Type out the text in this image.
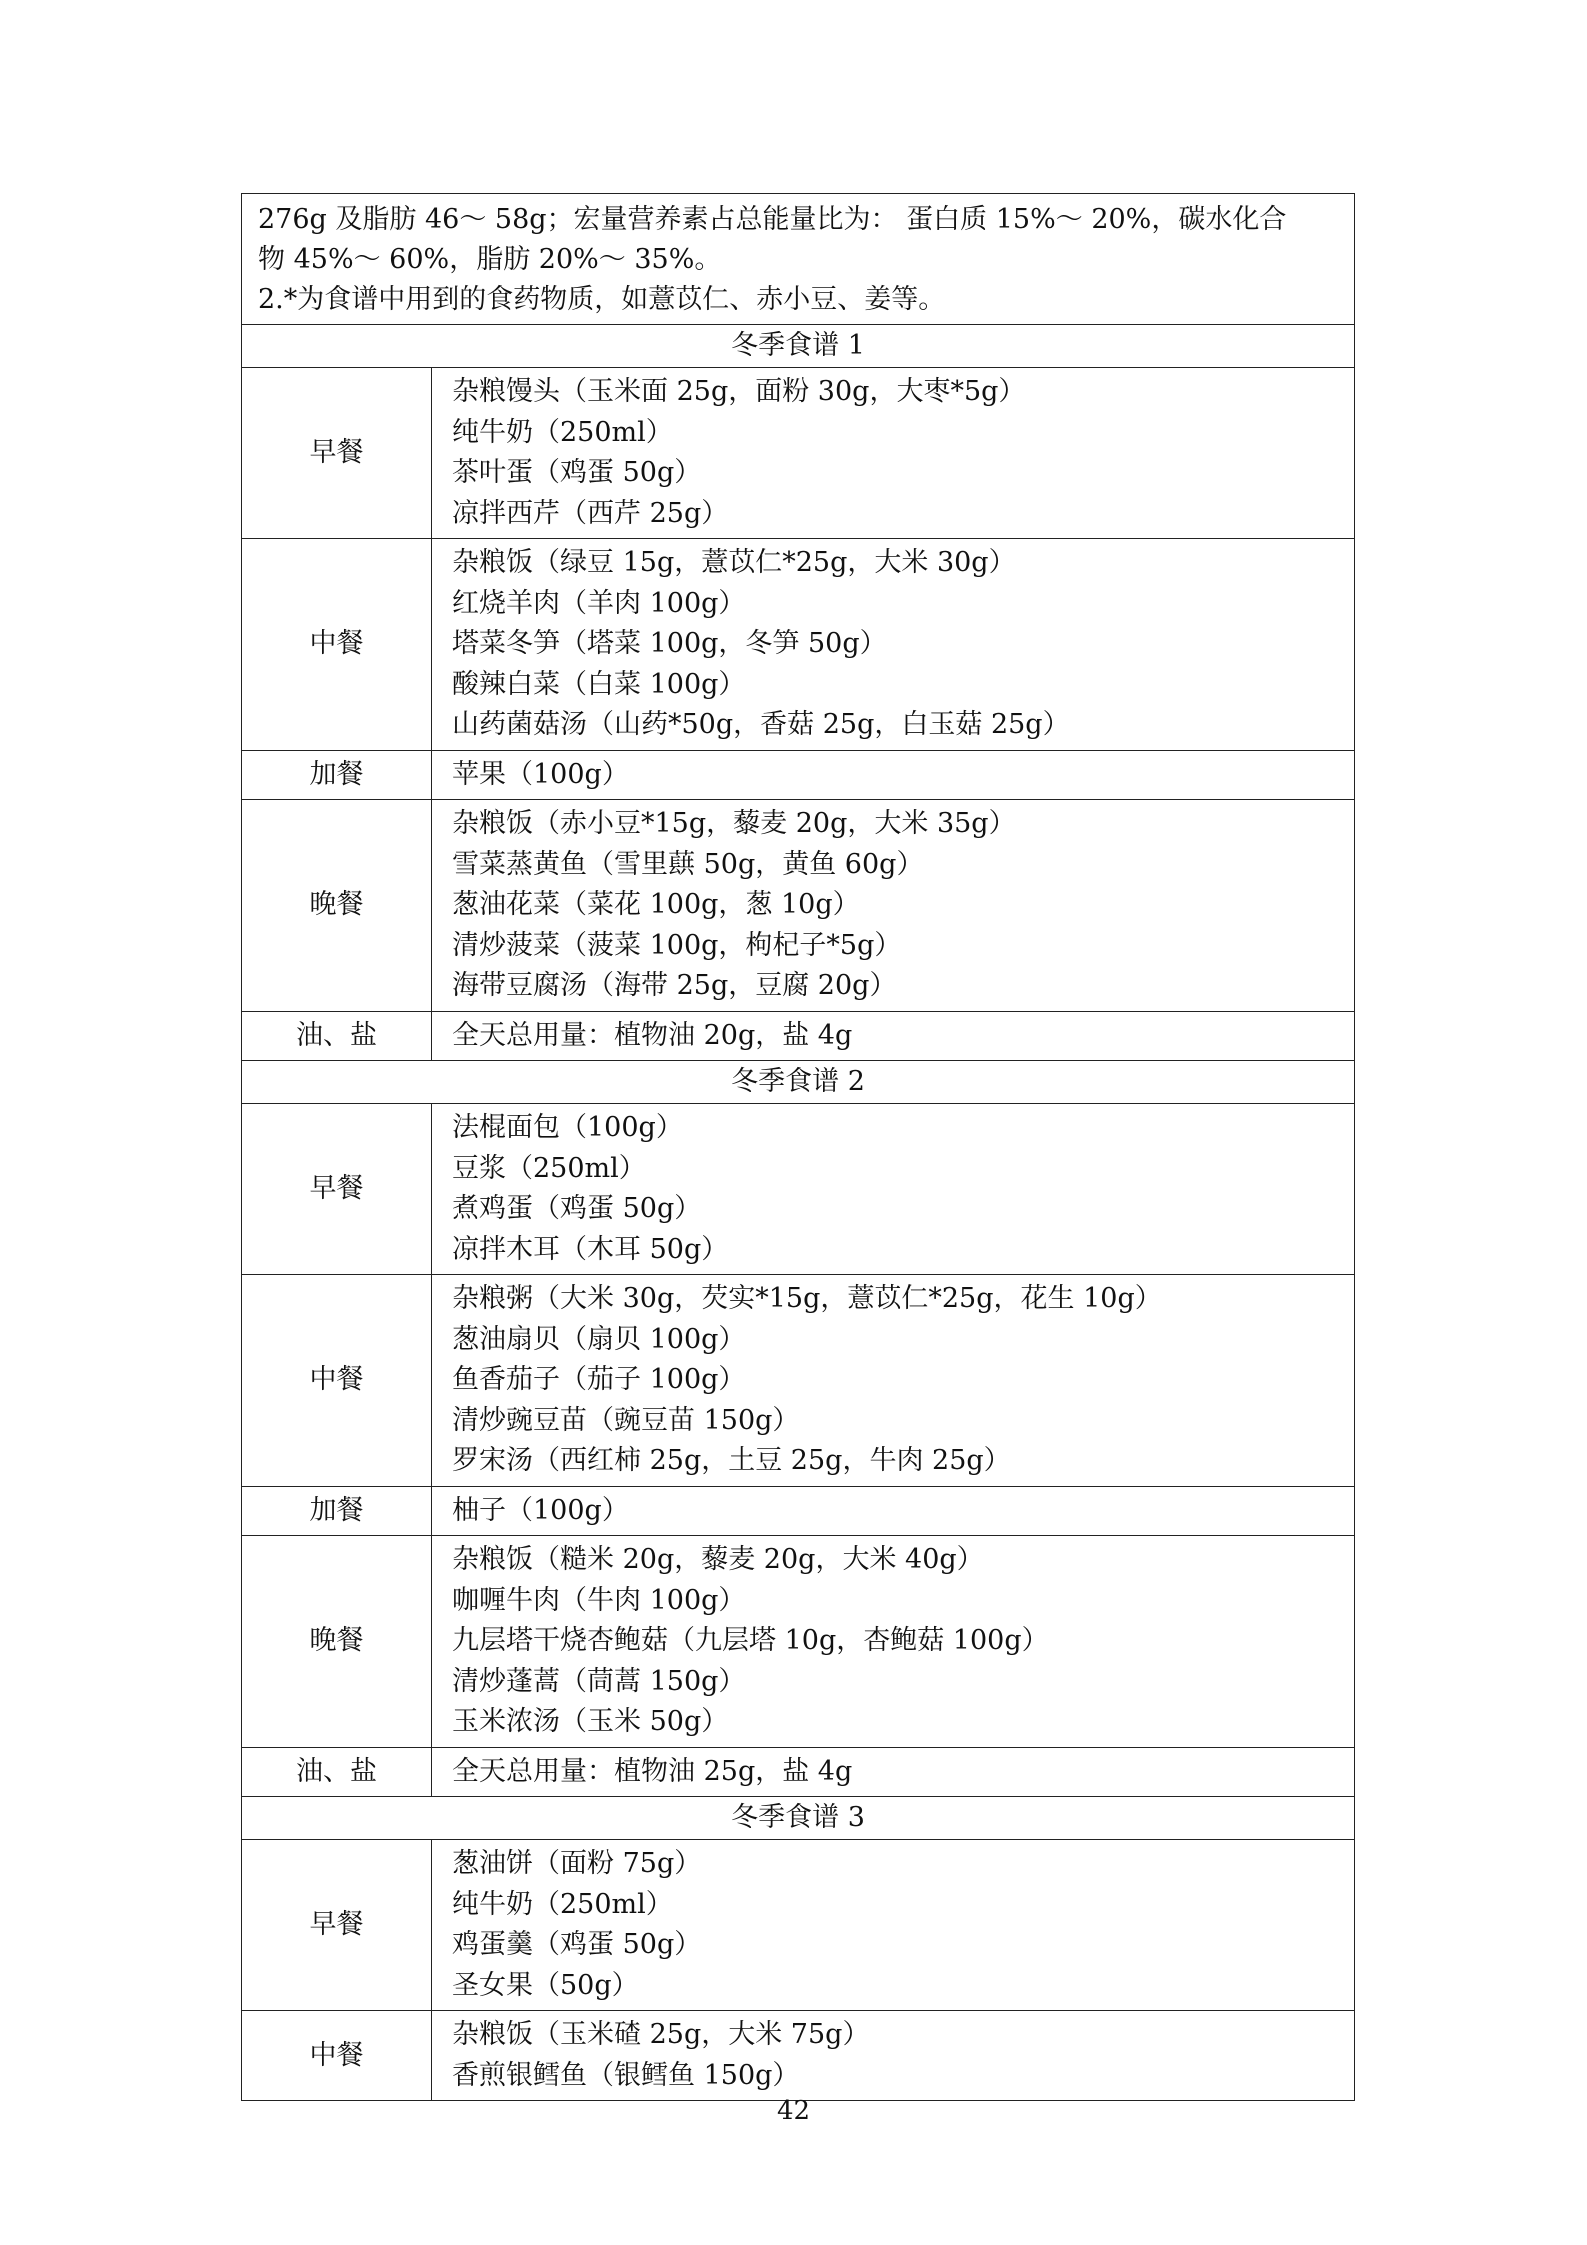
276g 及脂肪 46～ 58g；宏量营养素占总能量比为： 蛋白质 15%～ 20%，碳水化合
物 45%～ 60%，脂肪 20%～ 35%。
2.*为食谱中用到的食药物质，如薏苡仁、赤小豆、姜等。	

冬季食谱 1	
早餐	杂粮馒头（玉米面 25g，面粉 30g，大枣*5g）
纯牛奶（250ml）
茶叶蛋（鸡蛋 50g）
凉拌西芹（西芹 25g）

中餐	杂粮饭（绿豆 15g，薏苡仁*25g，大米 30g）
红烧羊肉（羊肉 100g）
塔菜冬笋（塔菜 100g，冬笋 50g）
酸辣白菜（白菜 100g）
山药菌菇汤（山药*50g，香菇 25g，白玉菇 25g）

加餐	苹果（100g）

晚餐	杂粮饭（赤小豆*15g，藜麦 20g，大米 35g）
雪菜蒸黄鱼（雪里蕻 50g，黄鱼 60g）
葱油花菜（菜花 100g，葱 10g）
清炒菠菜（菠菜 100g，枸杞子*5g）
海带豆腐汤（海带 25g，豆腐 20g）

油、盐	全天总用量：植物油 20g，盐 4g

冬季食谱 2	
早餐	法棍面包（100g）
豆浆（250ml）
煮鸡蛋（鸡蛋 50g）
凉拌木耳（木耳 50g）

中餐	杂粮粥（大米 30g，芡实*15g，薏苡仁*25g，花生 10g）
葱油扇贝（扇贝 100g）
鱼香茄子（茄子 100g）
清炒豌豆苗（豌豆苗 150g）
罗宋汤（西红柿 25g，土豆 25g，牛肉 25g）

加餐	柚子（100g）

晚餐	杂粮饭（糙米 20g，藜麦 20g，大米 40g）
咖喱牛肉（牛肉 100g）
九层塔干烧杏鲍菇（九层塔 10g，杏鲍菇 100g）
清炒蓬蒿（茼蒿 150g）
玉米浓汤（玉米 50g）

油、盐	全天总用量：植物油 25g，盐 4g

冬季食谱 3	
早餐	葱油饼（面粉 75g）
纯牛奶（250ml）
鸡蛋羹（鸡蛋 50g）
圣女果（50g）

中餐	杂粮饭（玉米碴 25g，大米 75g）
香煎银鳕鱼（银鳕鱼 150g）
42
